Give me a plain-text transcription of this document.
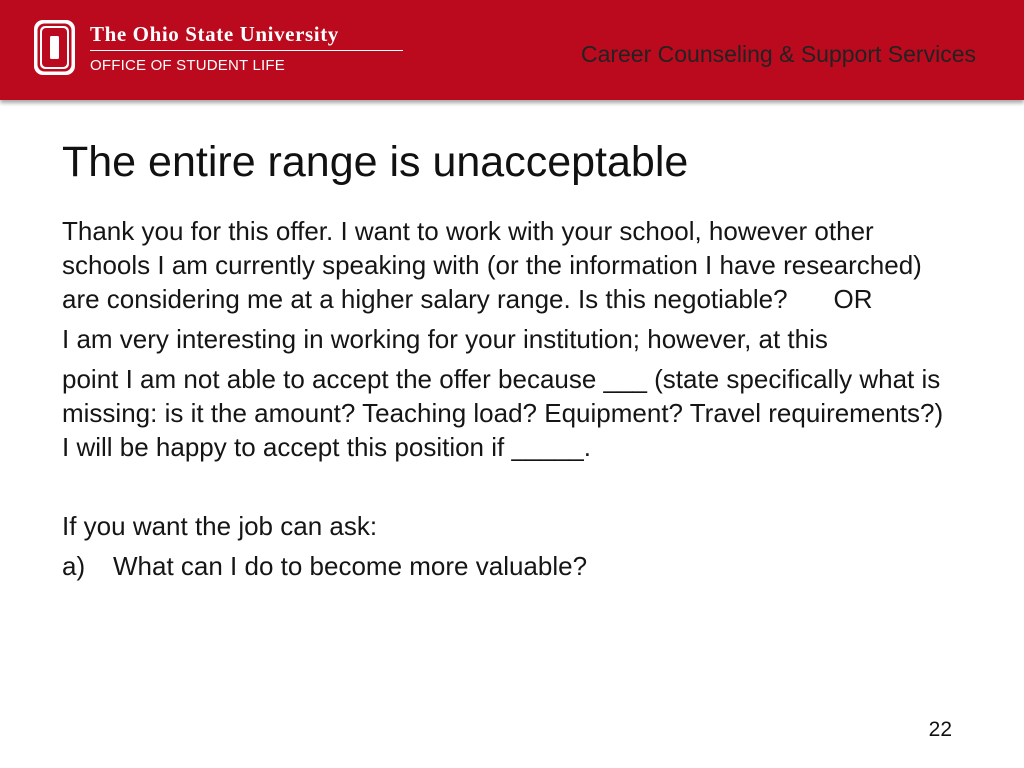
The Ohio State University
OFFICE OF STUDENT LIFE	Career Counseling & Support Services
The entire range is unacceptable

Thank you for this offer. I want to work with your school, however other schools I am currently speaking with (or the information I have researched) are considering me at a higher salary range. Is this negotiable? OR

I am very interesting in working for your institution; however, at this

point I am not able to accept the offer because ___ (state specifically what is missing: is it the amount? Teaching load? Equipment? Travel requirements?) I will be happy to accept this position if _____.

If you want the job can ask:

a)	What can I do to become more valuable?
22
